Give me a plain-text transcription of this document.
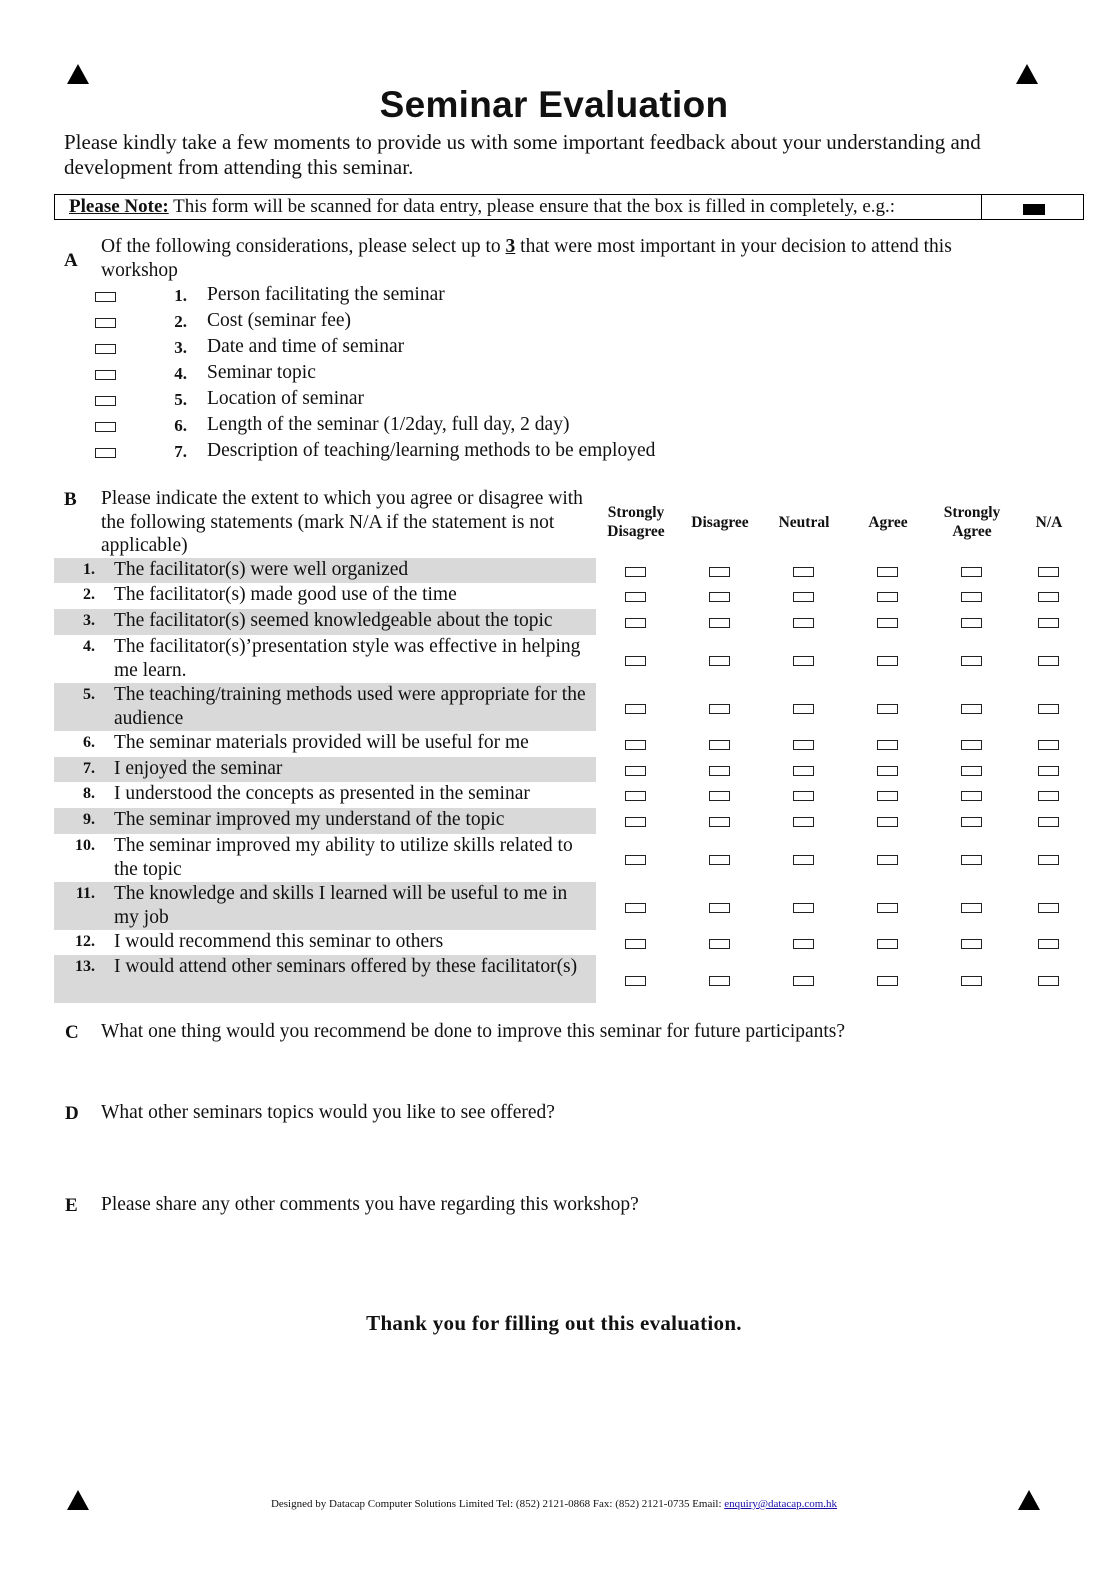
Seminar Evaluation
Please kindly take a few moments to provide us with some important feedback about your understanding and development from attending this seminar.
Please Note: This form will be scanned for data entry, please ensure that the box is filled in completely, e.g.:
A
Of the following considerations, please select up to 3 that were most important in your decision to attend this workshop
1. Person facilitating the seminar
2. Cost (seminar fee)
3. Date and time of seminar
4. Seminar topic
5. Location of seminar
6. Length of the seminar (1/2day, full day, 2 day)
7. Description of teaching/learning methods to be employed
B Please indicate the extent to which you agree or disagree with the following statements (mark N/A if the statement is not applicable)
Strongly
Disagree
Disagree	Neutral	Agree
Strongly
Agree
N/A
1. The facilitator(s) were well organized
2. The facilitator(s) made good use of the time
3. The facilitator(s) seemed knowledgeable about the topic
4. The facilitator(s)’presentation style was effective in helping me learn.
5. The teaching/training methods used were appropriate for the audience
6. The seminar materials provided will be useful for me
7. I enjoyed the seminar
8. I understood the concepts as presented in the seminar
9. The seminar improved my understand of the topic
10. The seminar improved my ability to utilize skills related to the topic
11. The knowledge and skills I learned will be useful to me in my job
12. I would recommend this seminar to others
13. I would attend other seminars offered by these facilitator(s)
C What one thing would you recommend be done to improve this seminar for future participants?
D What other seminars topics would you like to see offered?
E Please share any other comments you have regarding this workshop?
Thank you for filling out this evaluation.
Designed by Datacap Computer Solutions Limited Tel: (852) 2121-0868 Fax: (852) 2121-0735 Email: enquiry@datacap.com.hk
